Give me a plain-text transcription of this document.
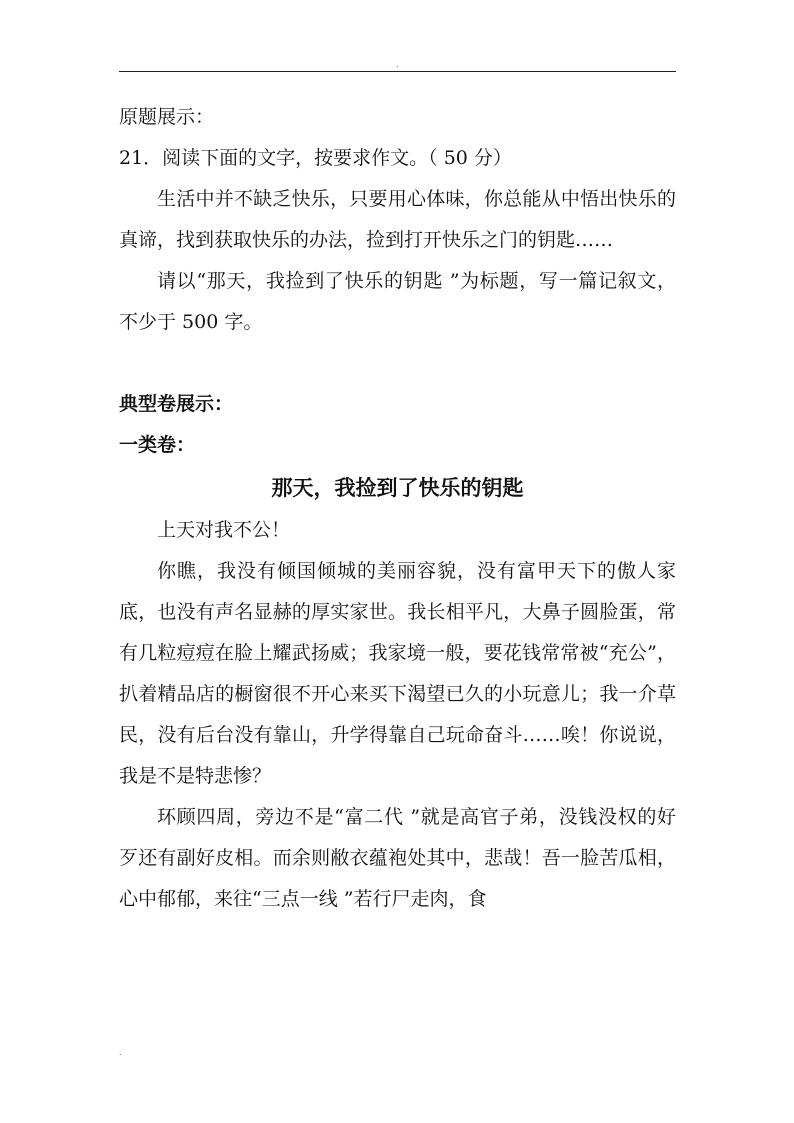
.

原题展示：

21．阅读下面的文字，按要求作文。（ 50 分）

生活中并不缺乏快乐，只要用心体味，你总能从中悟出快乐的真谛，找到获取快乐的办法，捡到打开快乐之门的钥匙……

请以“那天，我捡到了快乐的钥匙 ”为标题，写一篇记叙文，不少于 500 字。

典型卷展示：

一类卷：

那天，我捡到了快乐的钥匙

上天对我不公！

你瞧，我没有倾国倾城的美丽容貌，没有富甲天下的傲人家底，也没有声名显赫的厚实家世。我长相平凡，大鼻子圆脸蛋，常有几粒痘痘在脸上耀武扬威；我家境一般，要花钱常常被“充公”，扒着精品店的橱窗很不开心来买下渴望已久的小玩意儿；我一介草民，没有后台没有靠山，升学得靠自己玩命奋斗……唉！你说说，我是不是特悲惨？

环顾四周，旁边不是“富二代 ”就是高官子弟，没钱没权的好歹还有副好皮相。而余则敝衣蕴袍处其中，悲哉！吾一脸苦瓜相，心中郁郁，来往“三点一线 ”若行尸走肉，食

.
